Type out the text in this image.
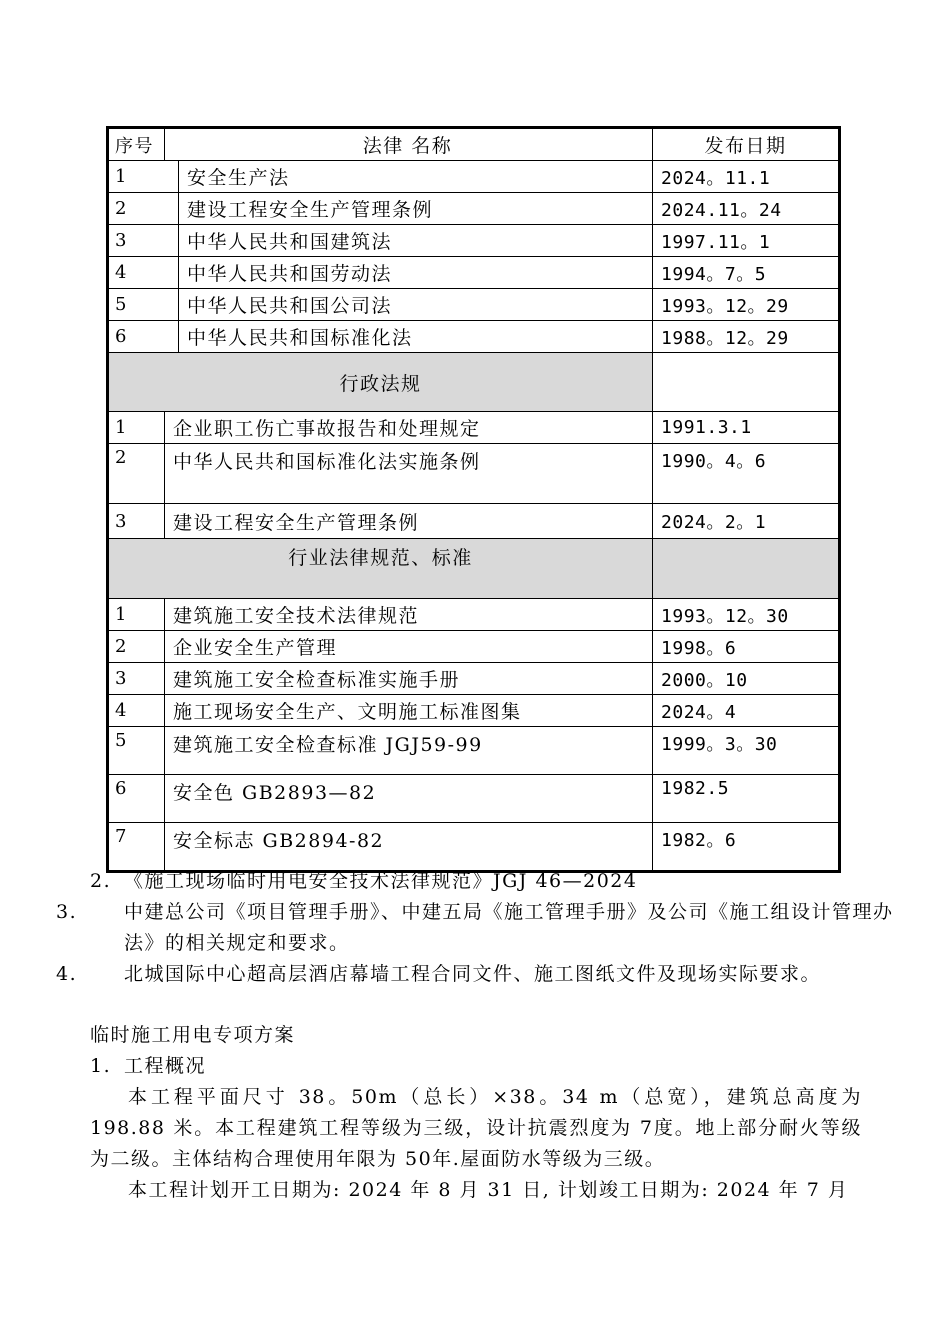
序号	法律 名称		发布日期
1		安全生产法	2024。11.1
2		建设工程安全生产管理条例	2024.11。24
3		中华人民共和国建筑法	1997.11。1
4		中华人民共和国劳动法	1994。7。5
5		中华人民共和国公司法	1993。12。29
6		中华人民共和国标准化法	1988。12。29
行政法规			
1	企业职工伤亡事故报告和处理规定		1991.3.1
2	中华人民共和国标准化法实施条例		1990。4。6
3	建设工程安全生产管理条例		2024。2。1
行业法律规范、标准			
1	建筑施工安全技术法律规范		1993。12。30
2	企业安全生产管理		1998。6
3	建筑施工安全检查标准实施手册		2000。10
4	施工现场安全生产、文明施工标准图集		2024。4
5	建筑施工安全检查标准 JGJ59-99		1999。3。30
6	安全色 GB2893—82		1982.5
7	安全标志 GB2894-82		1982。6
2. 《施工现场临时用电安全技术法律规范》JGJ 46—2024
3. 中建总公司《项目管理手册》、中建五局《施工管理手册》及公司《施工组设计管理办法》的相关规定和要求。
4. 北城国际中心超高层酒店幕墙工程合同文件、施工图纸文件及现场实际要求。
临时施工用电专项方案
1. 工程概况
本工程平面尺寸 38。50m（总长）×38。34 m（总宽），建筑总高度为 198.88 米。本工程建筑工程等级为三级，设计抗震烈度为 7度。地上部分耐火等级为二级。主体结构合理使用年限为 50年.屋面防水等级为三级。
本工程计划开工日期为: 2024 年 8 月 31 日, 计划竣工日期为: 2024 年 7 月
